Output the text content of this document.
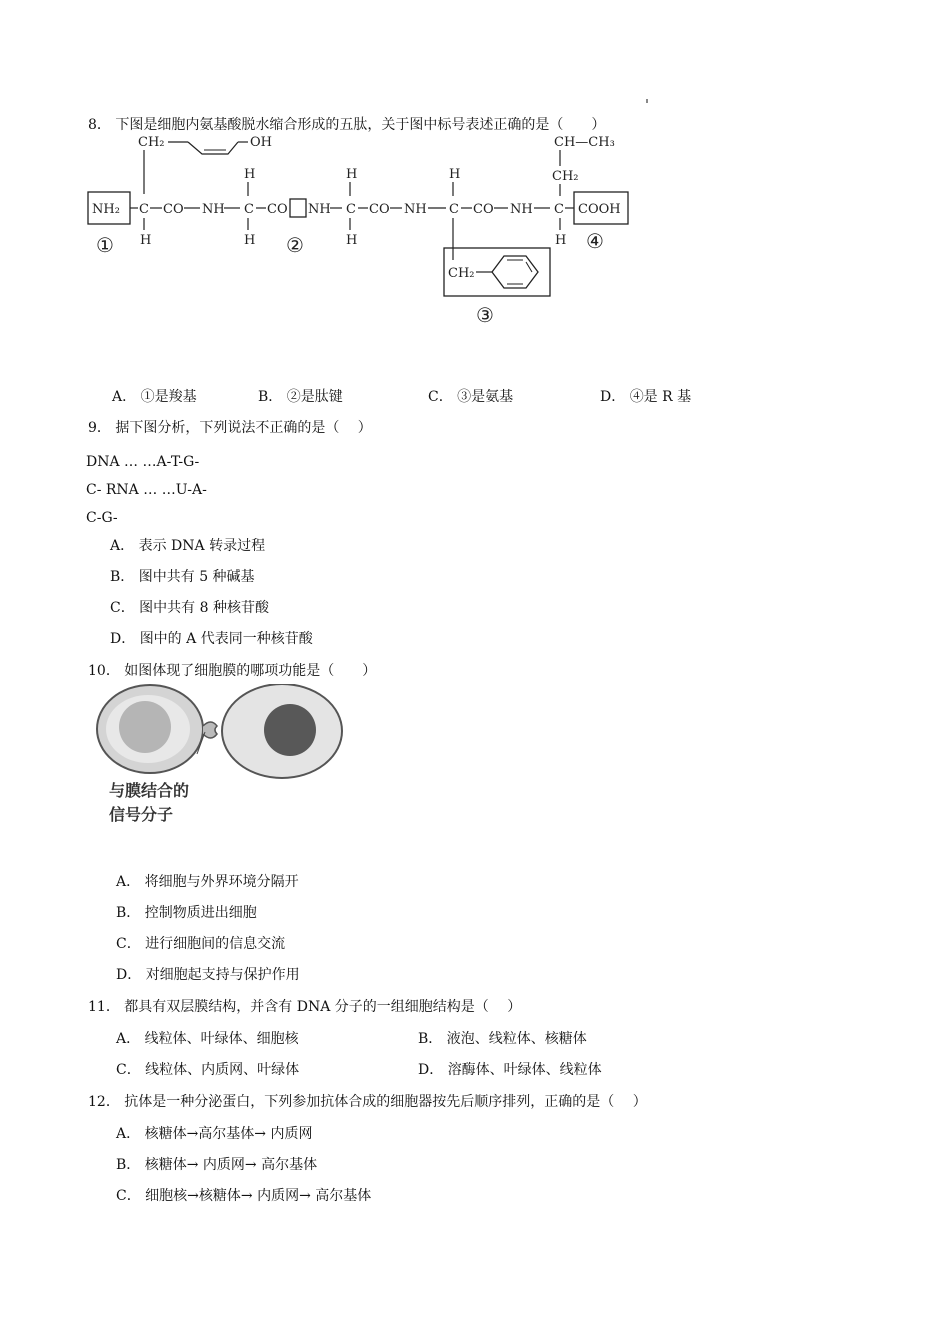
8． 下图是细胞内氨基酸脱水缩合形成的五肽，关于图中标号表述正确的是（　　）
CH₂	OH	CH—CH₃
CH₂
NH₂ C	C	C	C	C
CO	CO	CO	CO
NH	NH	NH	NH	COOH
H	H	H
H	H	H	H
CH₂
①	②
③
④
A． ①是羧基	B． ②是肽键	C． ③是氨基	D． ④是 R 基
9． 据下图分析，下列说法不正确的是（　 ）
DNA … …A-T-G-
C- RNA … …U-A-
C-G-
A． 表示 DNA 转录过程
B． 图中共有 5 种碱基
C． 图中共有 8 种核苷酸
D． 图中的 A 代表同一种核苷酸
10． 如图体现了细胞膜的哪项功能是（　　）
与膜结合的
信号分子
A． 将细胞与外界环境分隔开
B． 控制物质进出细胞
C． 进行细胞间的信息交流
D． 对细胞起支持与保护作用
11． 都具有双层膜结构，并含有 DNA 分子的一组细胞结构是（　 ）
A． 线粒体、叶绿体、细胞核	B． 液泡、线粒体、核糖体
C． 线粒体、内质网、叶绿体	D． 溶酶体、叶绿体、线粒体
12． 抗体是一种分泌蛋白，下列参加抗体合成的细胞器按先后顺序排列，正确的是（　 ）
A． 核糖体→高尔基体→ 内质网
B． 核糖体→ 内质网→ 高尔基体
C． 细胞核→核糖体→ 内质网→ 高尔基体
